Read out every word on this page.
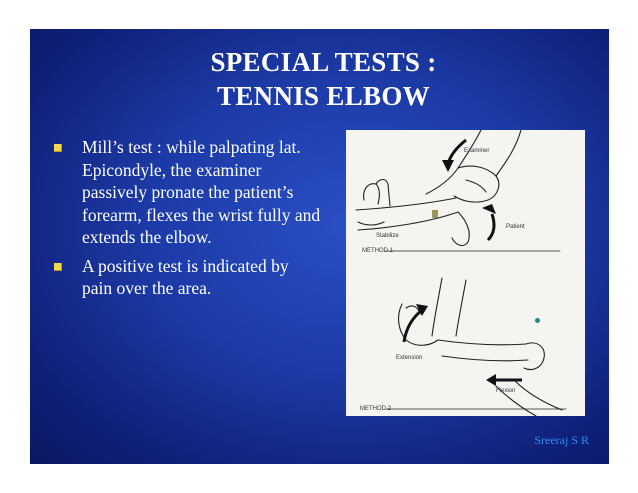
SPECIAL TESTS :
TENNIS ELBOW
Mill’s test : while palpating lat. Epicondyle, the examiner passively pronate the patient’s forearm, flexes the wrist fully and extends the elbow.
A positive test is indicated by pain over the area.
Examiner
Patient
Stabilize
METHOD 1
Extension
Flexion
METHOD 2
Sreeraj S R
